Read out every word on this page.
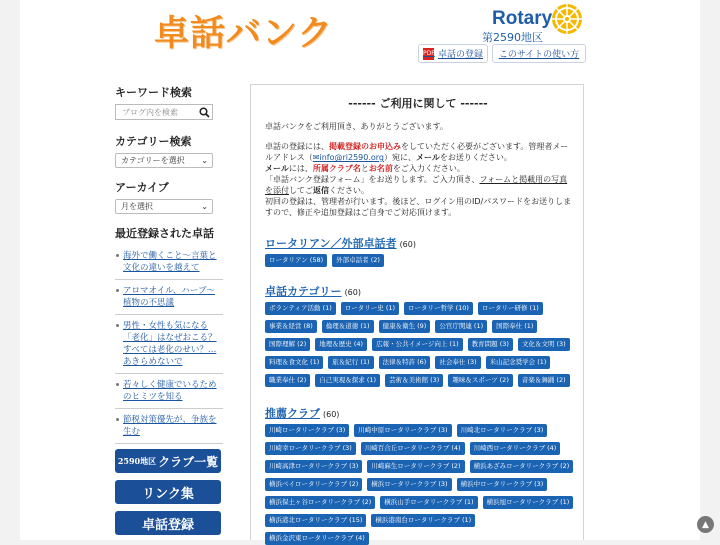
卓話バンク	Rotary
第2590地区
PDF 卓話の登録 このサイトの使い方
------ ご利用に関して ------
卓話バンクをご利用頂き、ありがとうございます。
卓話の登録には、掲載登録のお申込みをしていただく必要がございます。管理者メールアドレス（✉info@ri2590.org）宛に、メールをお送りください。
メールには、所属クラブ名とお名前をご入力ください。
「卓話バンク登録フォーム」をお送りします。ご入力頂き、フォームと掲載用の写真を添付してご返信ください。
初回の登録は、管理者が行います。後ほど、ログイン用のID/パスワードをお送りしますので、修正や追加登録はご自身でご対応頂けます。
ロータリアン／外部卓話者 (60)
ロータリアン (58)	外部卓話者 (2)
卓話カテゴリー (60)
ボランティア活動 (1)	ロータリー史 (1)	ロータリー哲学 (10)	ロータリー研修 (1)
事業＆経営 (8)	倫理＆道徳 (1)	健康＆衛生 (9)	公官庁関連 (1)	国際奉仕 (1)
国際理解 (2)	地理＆歴史 (4)	広報・公共イメージ向上 (1)	教育問題 (3)	文化＆文明 (3)
料理＆食文化 (1)	旅＆紀行 (1)	法律＆特許 (6)	社会奉仕 (3)	米山記念奨学会 (1)
職業奉仕 (2)	自己実現＆探求 (1)	芸術＆美術館 (3)	趣味＆スポーツ (2)	音楽＆舞踊 (2)
推薦クラブ (60)
川崎ロータリークラブ (3)	川崎中原ロータリークラブ (3)	川崎北ロータリークラブ (3)
川崎幸ロータリークラブ (3)	川崎百合丘ロータリークラブ (4)	川崎西ロータリークラブ (4)
川崎高津ロータリークラブ (3)	川崎麻生ロータリークラブ (2)	横浜あざみロータリークラブ (2)
横浜ベイロータリークラブ (2)	横浜ロータリークラブ (3)	横浜中ロータリークラブ (3)
横浜保土ヶ谷ロータリークラブ (2)	横浜山手ロータリークラブ (1)	横浜旭ロータリークラブ (1)
横浜港北ロータリークラブ (15)	横浜港南台ロータリークラブ (1)
横浜金沢東ロータリークラブ (4)
キーワード検索
ブログ内を検索
カテゴリー検索
カテゴリーを選択 ⌄
アーカイブ
月を選択	⌄
最近登録された卓話
海外で働くこと～言葉と文化の違いを越えて
アロマオイル、ハーブ～植物の不思議
男性・女性も気になる「老化」はなぜおこる？すべては老化のせい？…あきらめないで
若々しく健康でいるためのヒミツを知る
節税対策優先が、争族を生む
2590地区 クラブ一覧
リンク集
卓話登録	▲
